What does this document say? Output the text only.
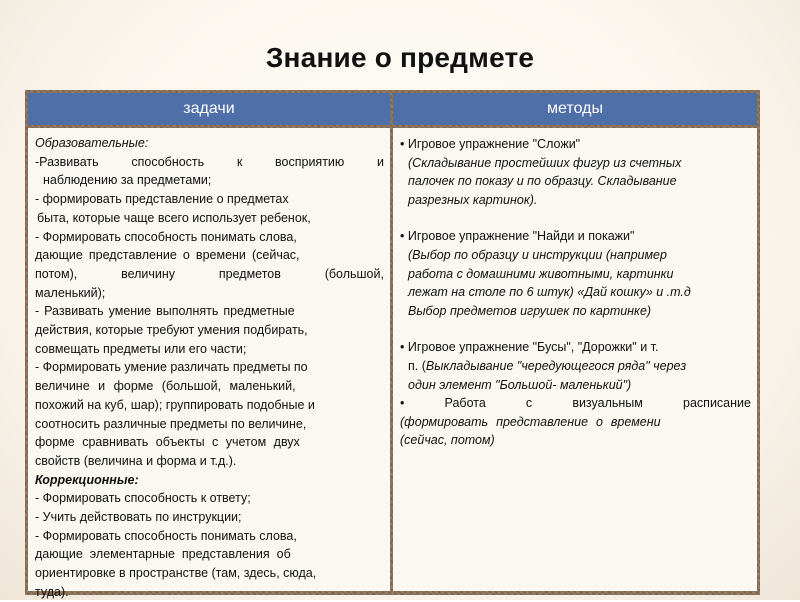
Знание о предмете
задачи	методы
Образовательные:
-Развивать	способность	к	восприятию	и
наблюдению за предметами;
- формировать представление о предметах
быта, которые чаще всего использует ребенок,
- Формировать способность понимать слова,
дающие представление о времени (сейчас,
потом),	величину	предметов	(большой,
маленький);
- Развивать умение выполнять предметные
действия, которые требуют умения подбирать,
совмещать предметы или его части;
- Формировать умение различать предметы по
величине и форме (большой, маленький,
похожий на куб, шар); группировать подобные и
соотносить различные предметы по величине,
форме сравнивать объекты с учетом двух
свойств (величина и форма и т.д.).
Коррекционные:
- Формировать способность к ответу;
- Учить действовать по инструкции;
- Формировать способность понимать слова,
дающие элементарные представления об
ориентировке в пространстве (там, здесь, сюда,
туда).
• Игровое упражнение "Сложи"
(Складывание простейших фигур из счетных
палочек по показу и по образцу. Складывание
разрезных картинок).
• Игровое упражнение "Найди и покажи"
(Выбор по образцу и инструкции (например
работа с домашними животными, картинки
лежат на столе по 6 штук) «Дай кошку» и .т.д
Выбор предметов игрушек по картинке)
• Игровое упражнение "Бусы", "Дорожки" и т.
п. (Выкладывание "чередующегося ряда" через
один элемент "Большой- маленький")
•	Работа	с	визуальным	расписание
(формировать представление о времени
(сейчас, потом)
